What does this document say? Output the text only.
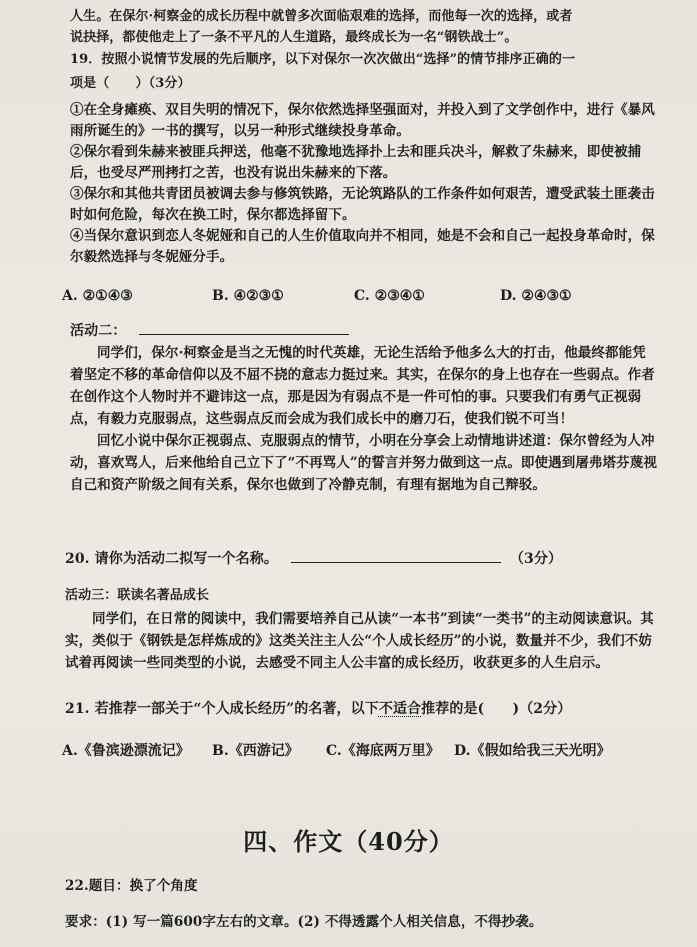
人生。在保尔·柯察金的成长历程中就曾多次面临艰难的选择，而他每一次的选择，或者
说抉择，都使他走上了一条不平凡的人生道路，最终成长为一名“钢铁战士”。
19．按照小说情节发展的先后顺序，以下对保尔一次次做出“选择”的情节排序正确的一
项是（　　）（3分）

①在全身瘫痪、双目失明的情况下，保尔依然选择坚强面对，并投入到了文学创作中，进行《暴风雨所诞生的》一书的撰写，以另一种形式继续投身革命。

②保尔看到朱赫来被匪兵押送，他毫不犹豫地选择扑上去和匪兵决斗，解救了朱赫来，即使被捕后，也受尽严刑拷打之苦，也没有说出朱赫来的下落。

③保尔和其他共青团员被调去参与修筑铁路，无论筑路队的工作条件如何艰苦，遭受武装土匪袭击时如何危险，每次在换工时，保尔都选择留下。

④当保尔意识到恋人冬妮娅和自己的人生价值取向并不相同，她是不会和自己一起投身革命时，保尔毅然选择与冬妮娅分手。

A. ②①④③	B. ④②③①	C. ②③④①	D. ②④③①
活动二：

同学们，保尔·柯察金是当之无愧的时代英雄，无论生活给予他多么大的打击，他最终都能凭着坚定不移的革命信仰以及不屈不挠的意志力挺过来。其实，在保尔的身上也存在一些弱点。作者在创作这个人物时并不避讳这一点，那是因为有弱点不是一件可怕的事。只要我们有勇气正视弱点，有毅力克服弱点，这些弱点反而会成为我们成长中的磨刀石，使我们锐不可当！

回忆小说中保尔正视弱点、克服弱点的情节，小明在分享会上动情地讲述道：保尔曾经为人冲动，喜欢骂人，后来他给自己立下了“不再骂人”的誓言并努力做到这一点。即使遇到屠弗塔芬蔑视自己和资产阶级之间有关系，保尔也做到了冷静克制，有理有据地为自己辩驳。

20. 请你为活动二拟写一个名称。	（3分）
活动三：联读名著品成长

同学们，在日常的阅读中，我们需要培养自己从读“一本书”到读“一类书”的主动阅读意识。其实，类似于《钢铁是怎样炼成的》这类关注主人公“个人成长经历”的小说，数量并不少，我们不妨试着再阅读一些同类型的小说，去感受不同主人公丰富的成长经历，收获更多的人生启示。

21. 若推荐一部关于“个人成长经历”的名著，以下不适合推荐的是(　　)（2分）
A.《鲁滨逊漂流记》 B.《西游记》 C.《海底两万里》 D.《假如给我三天光明》
四、作文（40分）
22.题目：换了个角度
要求：(1) 写一篇600字左右的文章。(2) 不得透露个人相关信息，不得抄袭。
